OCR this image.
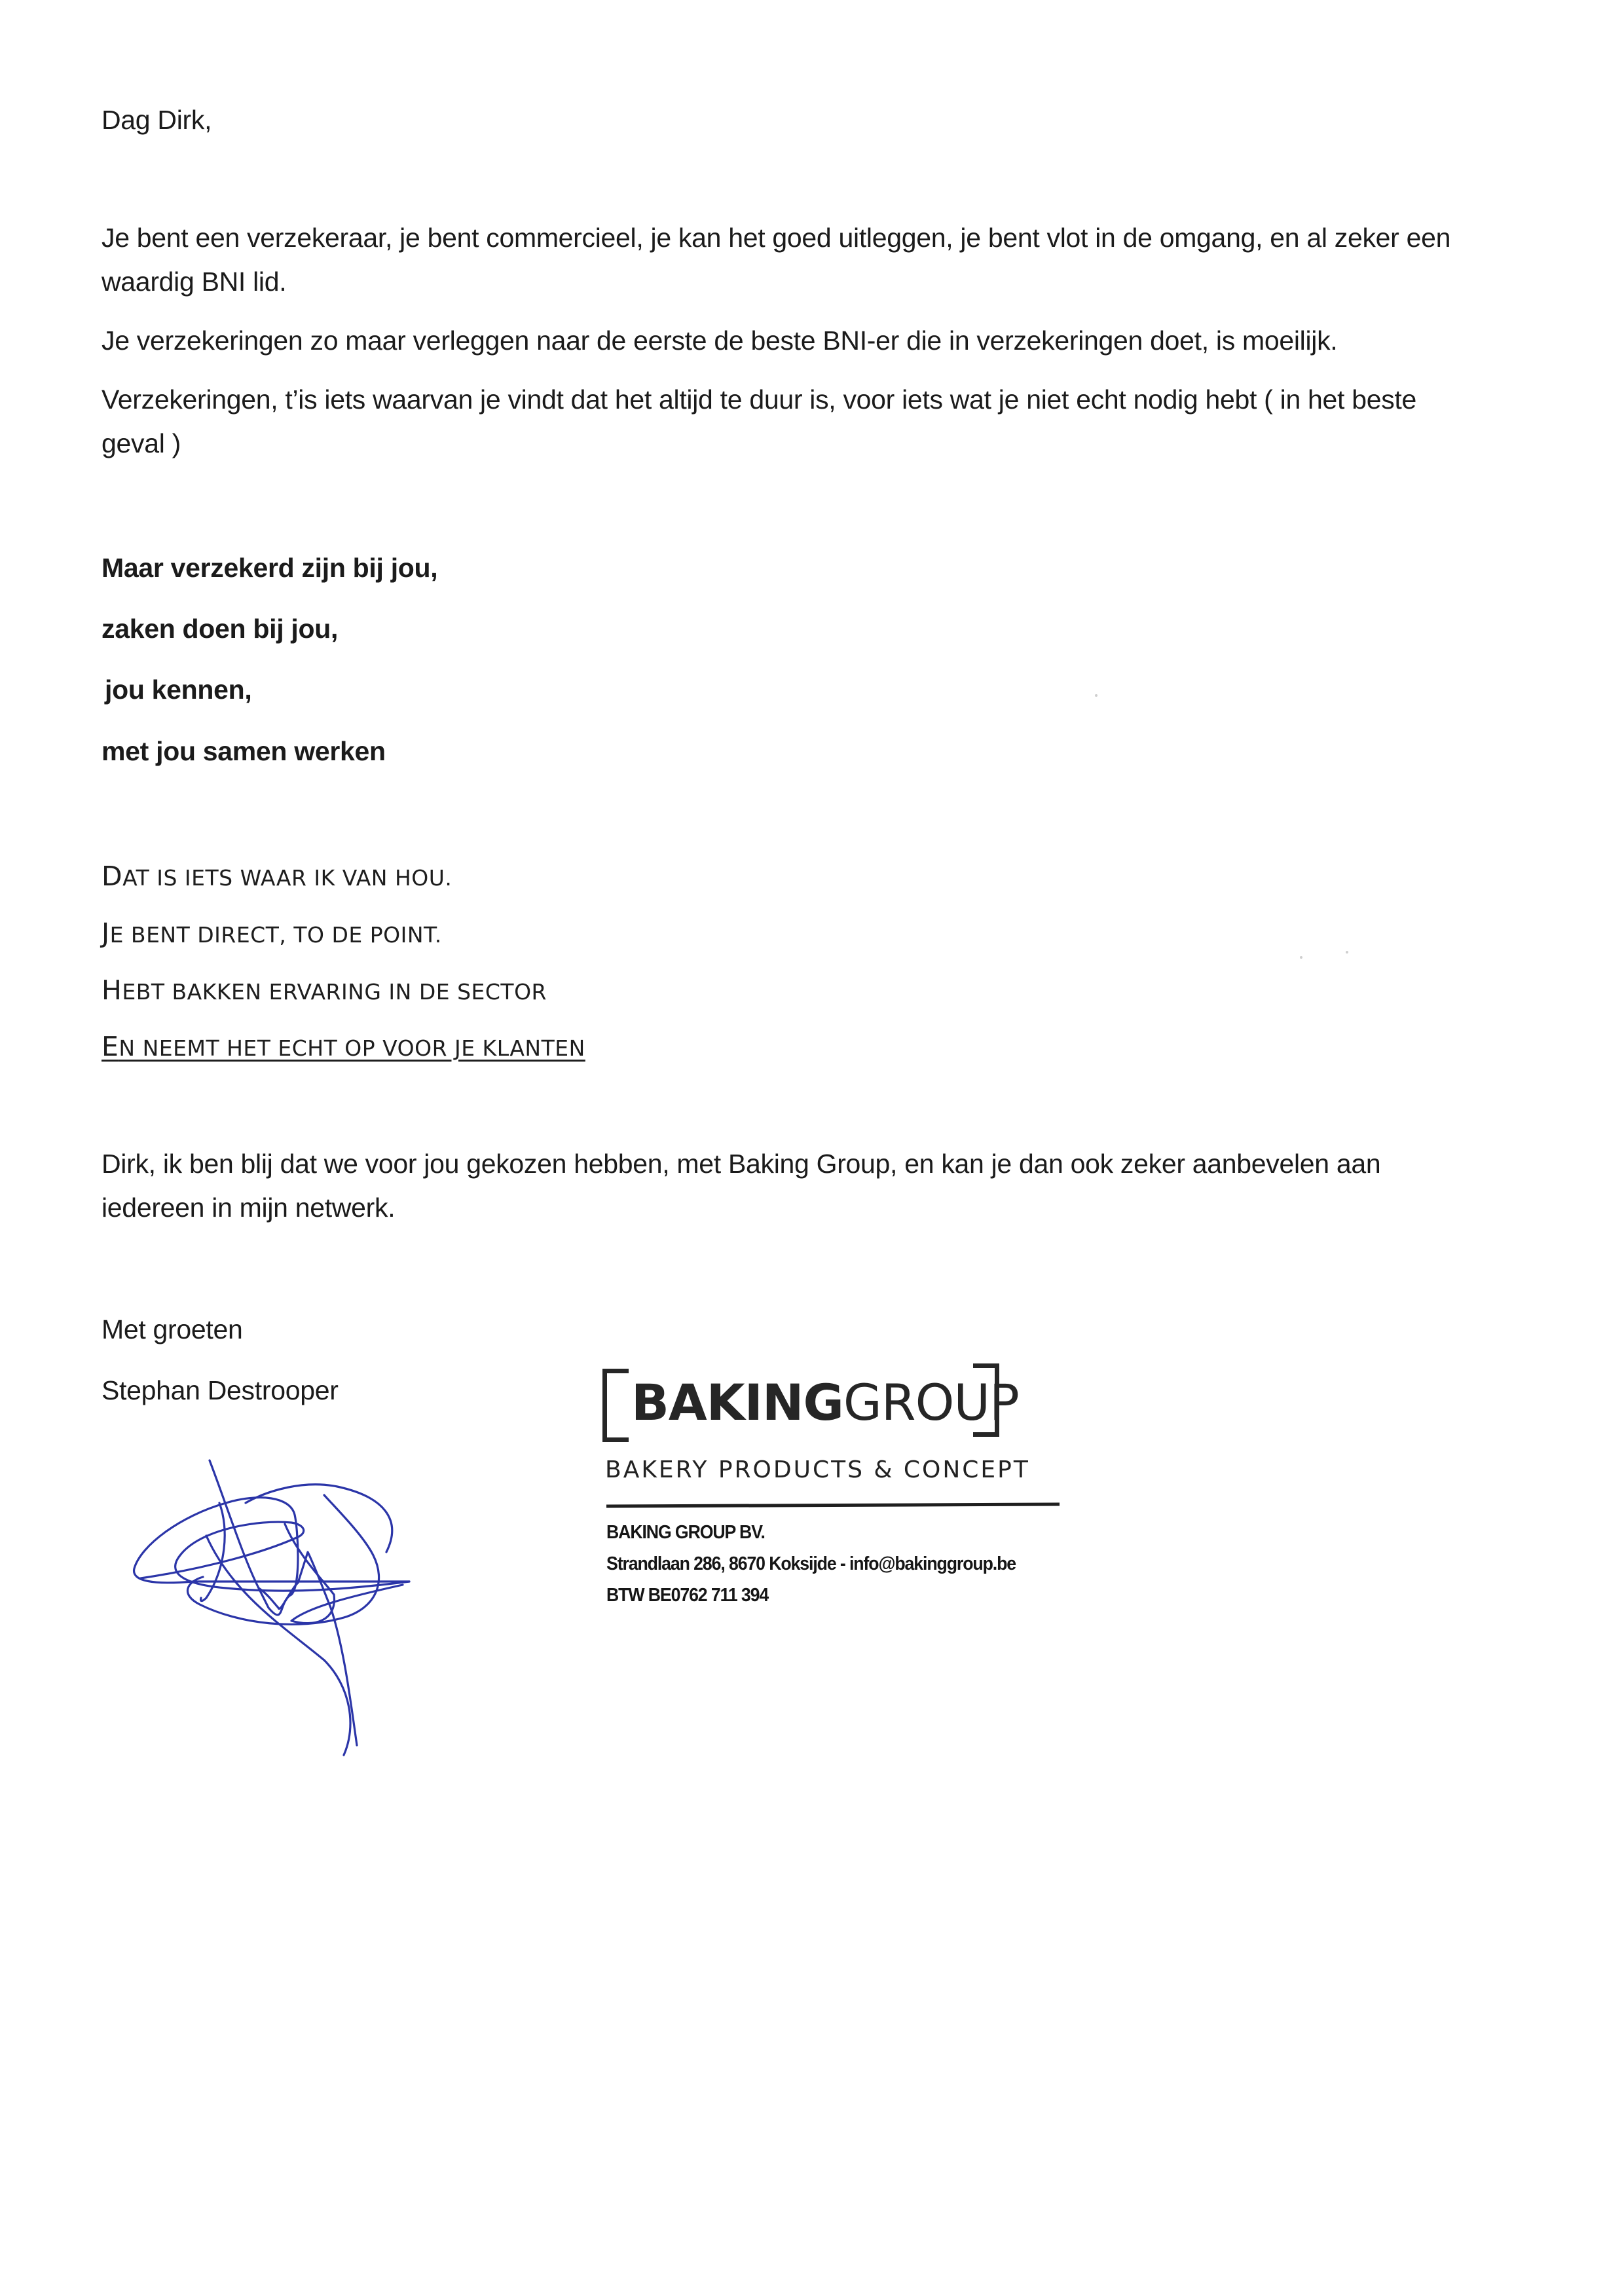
Dag Dirk,
Je bent een verzekeraar, je bent commercieel, je kan het goed uitleggen, je bent vlot in de omgang, en al zeker een
waardig BNI lid.
Je verzekeringen zo maar verleggen naar de eerste de beste BNI-er die in verzekeringen doet, is moeilijk.
Verzekeringen, t’is iets waarvan je vindt dat het altijd te duur is, voor iets wat je niet echt nodig hebt ( in het beste
geval )
Maar verzekerd zijn bij jou,
zaken doen bij jou,
jou kennen,
met jou samen werken
DAT IS IETS WAAR IK VAN HOU.
JE BENT DIRECT, TO DE POINT.
HEBT BAKKEN ERVARING IN DE SECTOR
EN NEEMT HET ECHT OP VOOR JE KLANTEN
Dirk, ik ben blij dat we voor jou gekozen hebben, met Baking Group, en kan je dan ook zeker aanbevelen aan
iedereen in mijn netwerk.
Met groeten
Stephan Destrooper	BAKINGGROUP
BAKERY PRODUCTS & CONCEPT
BAKING GROUP BV.
Strandlaan 286, 8670 Koksijde - info@bakinggroup.be
BTW BE0762 711 394
